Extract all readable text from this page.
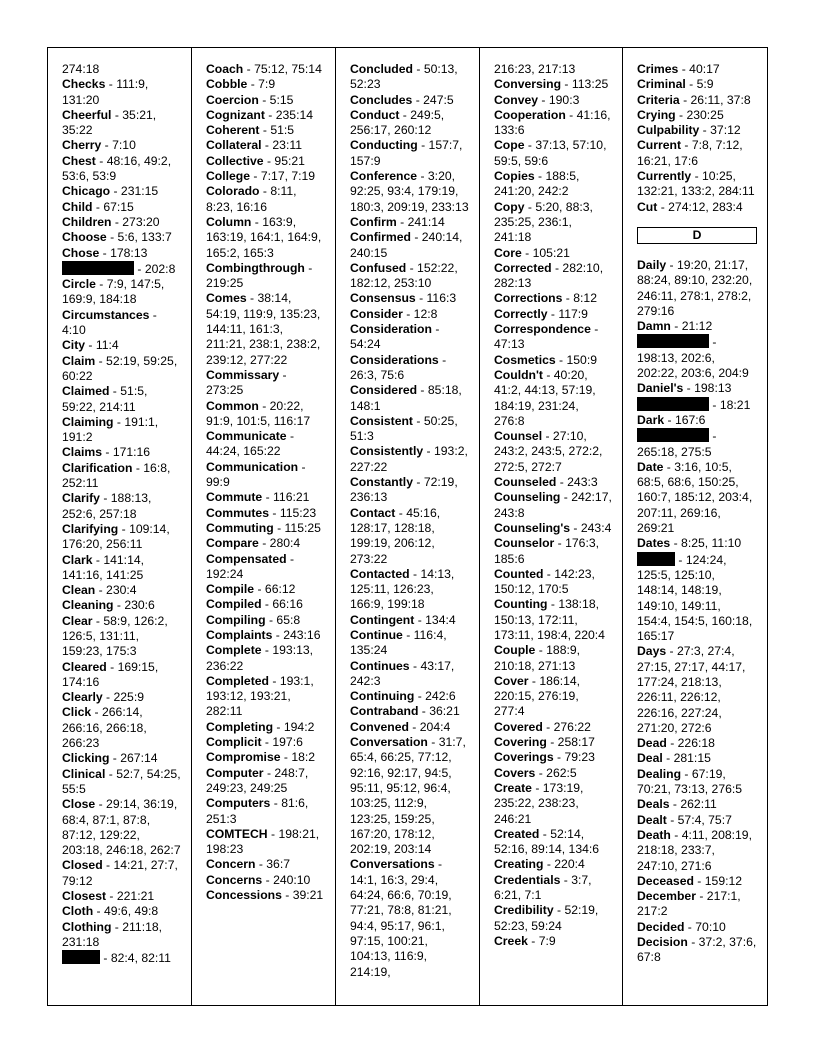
274:18

Checks - 111:9, 131:20

Cheerful - 35:21, 35:22

Cherry - 7:10

Chest - 48:16, 49:2, 53:6, 53:9

Chicago - 231:15

Child - 67:15

Children - 273:20

Choose - 5:6, 133:7

Chose - 178:13

- 202:8

Circle - 7:9, 147:5, 169:9, 184:18

Circumstances - 4:10

City - 11:4

Claim - 52:19, 59:25, 60:22

Claimed - 51:5, 59:22, 214:11

Claiming - 191:1, 191:2

Claims - 171:16

Clarification - 16:8, 252:11

Clarify - 188:13, 252:6, 257:18

Clarifying - 109:14, 176:20, 256:11

Clark - 141:14, 141:16, 141:25

Clean - 230:4

Cleaning - 230:6

Clear - 58:9, 126:2, 126:5, 131:11, 159:23, 175:3

Cleared - 169:15, 174:16

Clearly - 225:9

Click - 266:14, 266:16, 266:18, 266:23

Clicking - 267:14

Clinical - 52:7, 54:25, 55:5

Close - 29:14, 36:19, 68:4, 87:1, 87:8, 87:12, 129:22, 203:18, 246:18, 262:7

Closed - 14:21, 27:7, 79:12

Closest - 221:21

Cloth - 49:6, 49:8

Clothing - 211:18, 231:18

- 82:4, 82:11

Coach - 75:12, 75:14

Cobble - 7:9

Coercion - 5:15

Cognizant - 235:14

Coherent - 51:5

Collateral - 23:11

Collective - 95:21

College - 7:17, 7:19

Colorado - 8:11, 8:23, 16:16

Column - 163:9, 163:19, 164:1, 164:9, 165:2, 165:3

Combingthrough - 219:25

Comes - 38:14, 54:19, 119:9, 135:23, 144:11, 161:3, 211:21, 238:1, 238:2, 239:12, 277:22

Commissary - 273:25

Common - 20:22, 91:9, 101:5, 116:17

Communicate - 44:24, 165:22

Communication - 99:9

Commute - 116:21

Commutes - 115:23

Commuting - 115:25

Compare - 280:4

Compensated - 192:24

Compile - 66:12

Compiled - 66:16

Compiling - 65:8

Complaints - 243:16

Complete - 193:13, 236:22

Completed - 193:1, 193:12, 193:21, 282:11

Completing - 194:2

Complicit - 197:6

Compromise - 18:2

Computer - 248:7, 249:23, 249:25

Computers - 81:6, 251:3

COMTECH - 198:21, 198:23

Concern - 36:7

Concerns - 240:10

Concessions - 39:21

Concluded - 50:13, 52:23

Concludes - 247:5

Conduct - 249:5, 256:17, 260:12

Conducting - 157:7, 157:9

Conference - 3:20, 92:25, 93:4, 179:19, 180:3, 209:19, 233:13

Confirm - 241:14

Confirmed - 240:14, 240:15

Confused - 152:22, 182:12, 253:10

Consensus - 116:3

Consider - 12:8

Consideration - 54:24

Considerations - 26:3, 75:6

Considered - 85:18, 148:1

Consistent - 50:25, 51:3

Consistently - 193:2, 227:22

Constantly - 72:19, 236:13

Contact - 45:16, 128:17, 128:18, 199:19, 206:12, 273:22

Contacted - 14:13, 125:11, 126:23, 166:9, 199:18

Contingent - 134:4

Continue - 116:4, 135:24

Continues - 43:17, 242:3

Continuing - 242:6

Contraband - 36:21

Convened - 204:4

Conversation - 31:7, 65:4, 66:25, 77:12, 92:16, 92:17, 94:5, 95:11, 95:12, 96:4, 103:25, 112:9, 123:25, 159:25, 167:20, 178:12, 202:19, 203:14

Conversations - 14:1, 16:3, 29:4, 64:24, 66:6, 70:19, 77:21, 78:8, 81:21, 94:4, 95:17, 96:1, 97:15, 100:21, 104:13, 116:9, 214:19,

216:23, 217:13

Conversing - 113:25

Convey - 190:3

Cooperation - 41:16, 133:6

Cope - 37:13, 57:10, 59:5, 59:6

Copies - 188:5, 241:20, 242:2

Copy - 5:20, 88:3, 235:25, 236:1, 241:18

Core - 105:21

Corrected - 282:10, 282:13

Corrections - 8:12

Correctly - 117:9

Correspondence - 47:13

Cosmetics - 150:9

Couldn't - 40:20, 41:2, 44:13, 57:19, 184:19, 231:24, 276:8

Counsel - 27:10, 243:2, 243:5, 272:2, 272:5, 272:7

Counseled - 243:3

Counseling - 242:17, 243:8

Counseling's - 243:4

Counselor - 176:3, 185:6

Counted - 142:23, 150:12, 170:5

Counting - 138:18, 150:13, 172:11, 173:11, 198:4, 220:4

Couple - 188:9, 210:18, 271:13

Cover - 186:14, 220:15, 276:19, 277:4

Covered - 276:22

Covering - 258:17

Coverings - 79:23

Covers - 262:5

Create - 173:19, 235:22, 238:23, 246:21

Created - 52:14, 52:16, 89:14, 134:6

Creating - 220:4

Credentials - 3:7, 6:21, 7:1

Credibility - 52:19, 52:23, 59:24

Creek - 7:9

Crimes - 40:17

Criminal - 5:9

Criteria - 26:11, 37:8

Crying - 230:25

Culpability - 37:12

Current - 7:8, 7:12, 16:21, 17:6

Currently - 10:25, 132:21, 133:2, 284:11

Cut - 274:12, 283:4

D

Daily - 19:20, 21:17, 88:24, 89:10, 232:20, 246:11, 278:1, 278:2, 279:16

Damn - 21:12

- 198:13, 202:6, 202:22, 203:6, 204:9

Daniel's - 198:13

- 18:21

Dark - 167:6

- 265:18, 275:5

Date - 3:16, 10:5, 68:5, 68:6, 150:25, 160:7, 185:12, 203:4, 207:11, 269:16, 269:21

Dates - 8:25, 11:10

- 124:24, 125:5, 125:10, 148:14, 148:19, 149:10, 149:11, 154:4, 154:5, 160:18, 165:17

Days - 27:3, 27:4, 27:15, 27:17, 44:17, 177:24, 218:13, 226:11, 226:12, 226:16, 227:24, 271:20, 272:6

Dead - 226:18

Deal - 281:15

Dealing - 67:19, 70:21, 73:13, 276:5

Deals - 262:11

Dealt - 57:4, 75:7

Death - 4:11, 208:19, 218:18, 233:7, 247:10, 271:6

Deceased - 159:12

December - 217:1, 217:2

Decided - 70:10

Decision - 37:2, 37:6, 67:8
